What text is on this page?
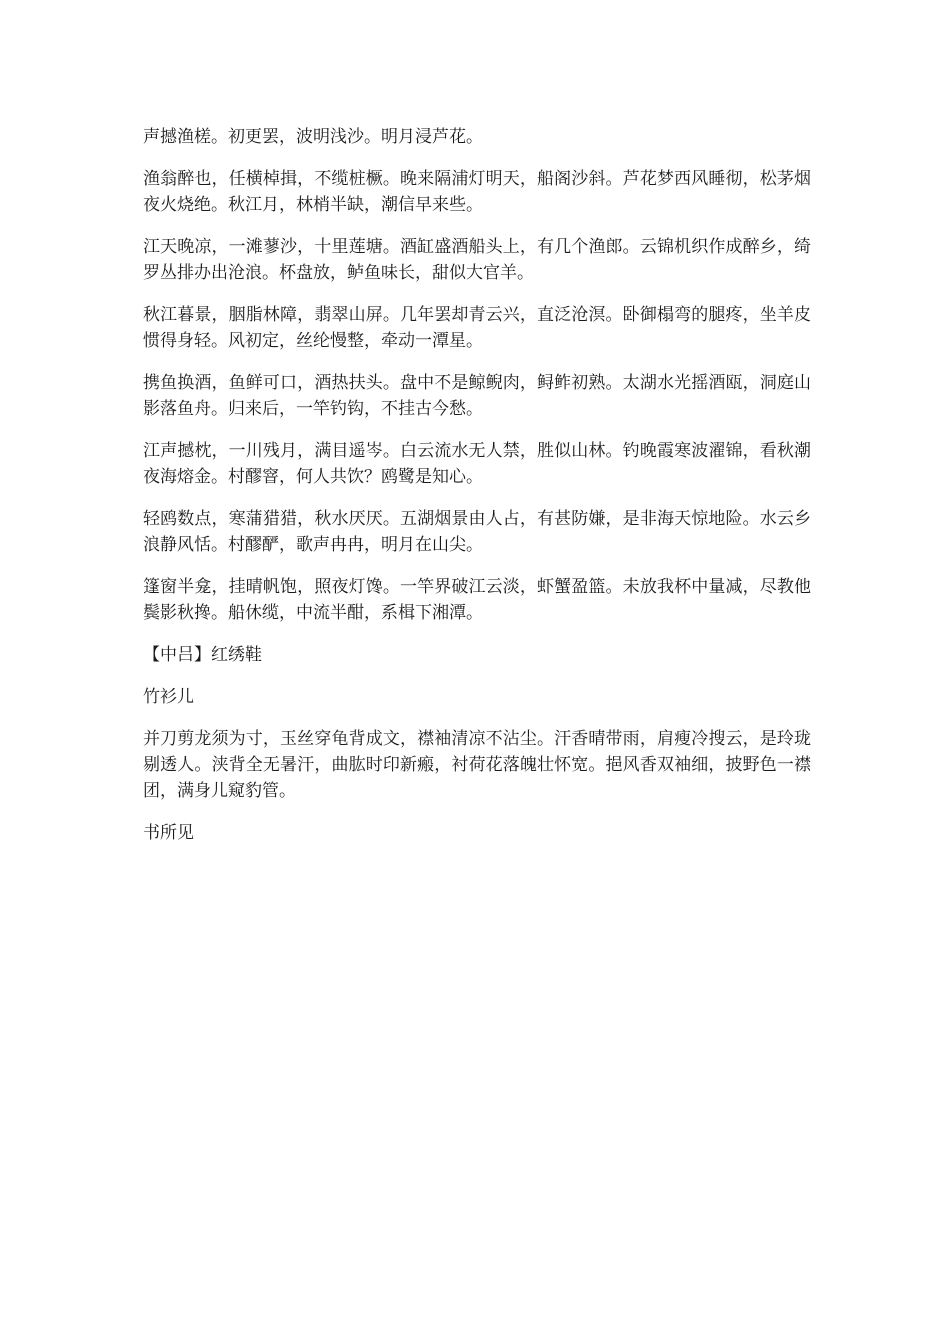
声撼渔槎。初更罢，波明浅沙。明月浸芦花。

渔翁醉也，任横棹揖，不缆桩橛。晚来隔浦灯明天，船阁沙斜。芦花梦西风睡彻，松茅烟夜火烧绝。秋江月，林梢半缺，潮信早来些。

江天晚凉，一滩蓼沙，十里莲塘。酒缸盛酒船头上，有几个渔郎。云锦机织作成醉乡，绮罗丛排办出沧浪。杯盘放，鲈鱼味长，甜似大官羊。

秋江暮景，胭脂林障，翡翠山屏。几年罢却青云兴，直泛沧溟。卧御榻弯的腿疼，坐羊皮惯得身轻。风初定，丝纶慢整，牵动一潭星。

携鱼换酒，鱼鲜可口，酒热扶头。盘中不是鲸鲵肉，鲟鲊初熟。太湖水光摇酒瓯，洞庭山影落鱼舟。归来后，一竿钓钩，不挂古今愁。

江声撼枕，一川残月，满目遥岑。白云流水无人禁，胜似山林。钓晚霞寒波濯锦，看秋潮夜海熔金。村醪窨，何人共饮？鸥鹭是知心。

轻鸥数点，寒蒲猎猎，秋水厌厌。五湖烟景由人占，有甚防嫌，是非海天惊地险。水云乡浪静风恬。村醪酽，歌声冉冉，明月在山尖。

篷窗半龛，挂晴帆饱，照夜灯馋。一竿界破江云淡，虾蟹盈篮。未放我杯中量减，尽教他鬓影秋搀。船休缆，中流半酣，系楫下湘潭。

【中吕】红绣鞋

竹衫儿

并刀剪龙须为寸，玉丝穿龟背成文，襟袖清凉不沾尘。汗香晴带雨，肩瘦冷搜云，是玲珑剔透人。浃背全无暑汗，曲肱时印新瘢，衬荷花落魄壮怀宽。挹风香双袖细，披野色一襟团，满身儿窥豹管。

书所见
